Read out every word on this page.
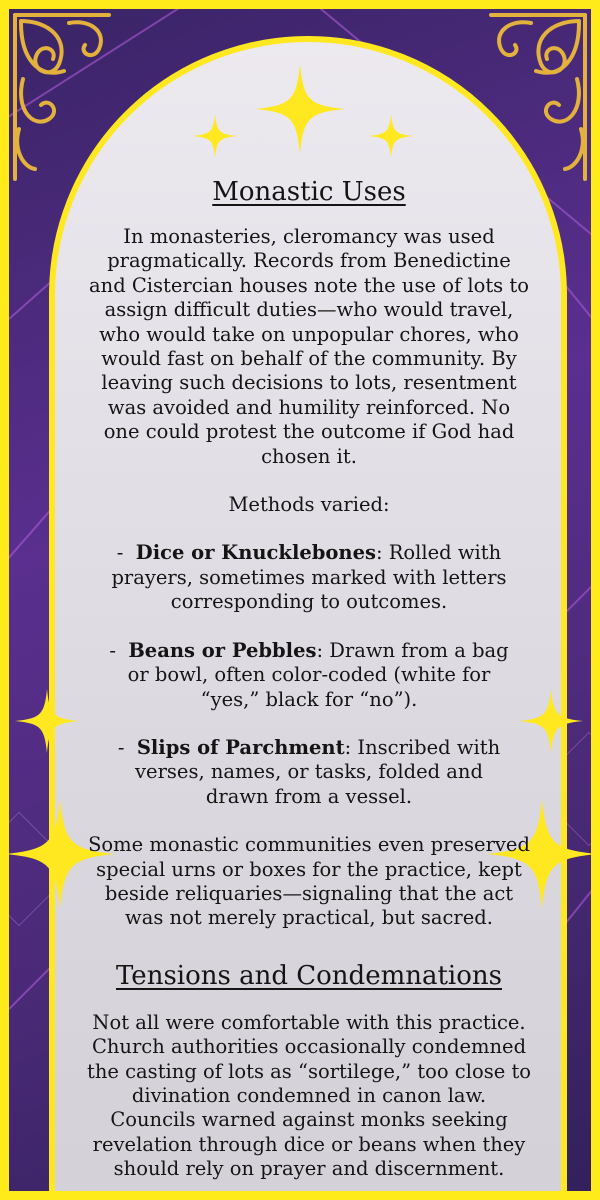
Monastic Uses

In monasteries, cleromancy was used pragmatically. Records from Benedictine and Cistercian houses note the use of lots to assign difficult duties—who would travel, who would take on unpopular chores, who would fast on behalf of the community. By leaving such decisions to lots, resentment was avoided and humility reinforced. No one could protest the outcome if God had chosen it.

Methods varied:

- Dice or Knucklebones: Rolled with prayers, sometimes marked with letters corresponding to outcomes.

- Beans or Pebbles: Drawn from a bag or bowl, often color-coded (white for “yes,” black for “no”).

- Slips of Parchment: Inscribed with verses, names, or tasks, folded and drawn from a vessel.

Some monastic communities even preserved special urns or boxes for the practice, kept beside reliquaries—signaling that the act was not merely practical, but sacred.

Tensions and Condemnations

Not all were comfortable with this practice. Church authorities occasionally condemned the casting of lots as “sortilege,” too close to divination condemned in canon law. Councils warned against monks seeking revelation through dice or beans when they should rely on prayer and discernment.
